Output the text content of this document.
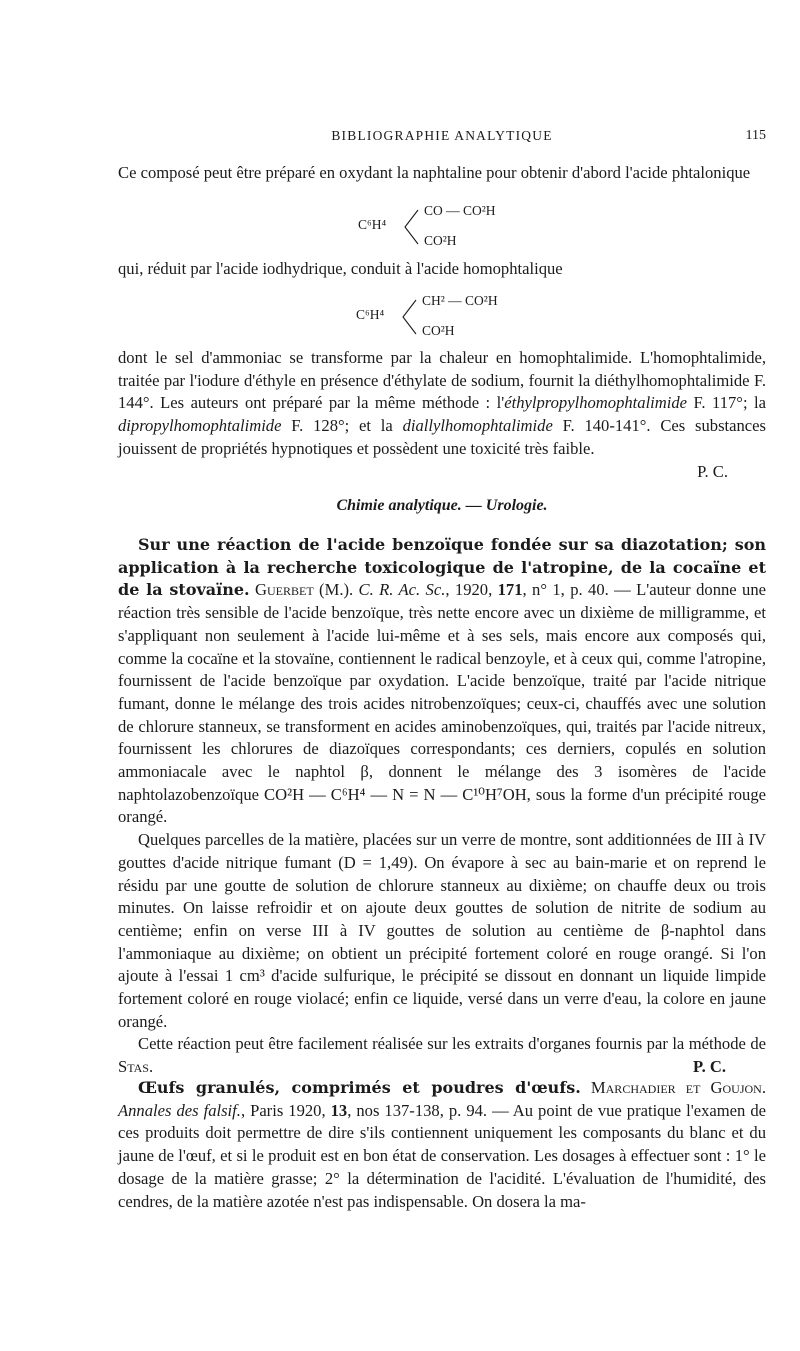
BIBLIOGRAPHIE ANALYTIQUE	115

Ce composé peut être préparé en oxydant la naphtaline pour obtenir d'abord l'acide phtalonique

C⁶H⁴
CO — CO²H
CO²H

qui, réduit par l'acide iodhydrique, conduit à l'acide homophtalique

C⁶H⁴
CH² — CO²H
CO²H

dont le sel d'ammoniac se transforme par la chaleur en homophtalimide. L'homophtalimide, traitée par l'iodure d'éthyle en présence d'éthylate de sodium, fournit la diéthylhomophtalimide F. 144°. Les auteurs ont préparé par la même méthode : l'éthylpropylhomophtalimide F. 117°; la dipropylhomophtalimide F. 128°; et la diallylhomophtalimide F. 140-141°. Ces substances jouissent de propriétés hypnotiques et possèdent une toxicité très faible.

P. C.

Chimie analytique. — Urologie.

Sur une réaction de l'acide benzoïque fondée sur sa diazotation; son application à la recherche toxicologique de l'atropine, de la cocaïne et de la stovaïne. Guerbet (M.). C. R. Ac. Sc., 1920, 171, n° 1, p. 40. — L'auteur donne une réaction très sensible de l'acide benzoïque, très nette encore avec un dixième de milligramme, et s'appliquant non seulement à l'acide lui-même et à ses sels, mais encore aux composés qui, comme la cocaïne et la stovaïne, contiennent le radical benzoyle, et à ceux qui, comme l'atropine, fournissent de l'acide benzoïque par oxydation. L'acide benzoïque, traité par l'acide nitrique fumant, donne le mélange des trois acides nitrobenzoïques; ceux-ci, chauffés avec une solution de chlorure stanneux, se transforment en acides aminobenzoïques, qui, traités par l'acide nitreux, fournissent les chlorures de diazoïques correspondants; ces derniers, copulés en solution ammoniacale avec le naphtol β, donnent le mélange des 3 isomères de l'acide naphtolazobenzoïque CO²H — C⁶H⁴ — N = N — C¹⁰H⁷OH, sous la forme d'un précipité rouge orangé.

Quelques parcelles de la matière, placées sur un verre de montre, sont additionnées de III à IV gouttes d'acide nitrique fumant (D = 1,49). On évapore à sec au bain-marie et on reprend le résidu par une goutte de solution de chlorure stanneux au dixième; on chauffe deux ou trois minutes. On laisse refroidir et on ajoute deux gouttes de solution de nitrite de sodium au centième; enfin on verse III à IV gouttes de solution au centième de β-naphtol dans l'ammoniaque au dixième; on obtient un précipité fortement coloré en rouge orangé. Si l'on ajoute à l'essai 1 cm³ d'acide sulfurique, le précipité se dissout en donnant un liquide limpide fortement coloré en rouge violacé; enfin ce liquide, versé dans un verre d'eau, la colore en jaune orangé.

Cette réaction peut être facilement réalisée sur les extraits d'organes fournis par la méthode de Stas.	P. C.

Œufs granulés, comprimés et poudres d'œufs. Marchadier et Goujon. Annales des falsif., Paris 1920, 13, nos 137-138, p. 94. — Au point de vue pratique l'examen de ces produits doit permettre de dire s'ils contiennent uniquement les composants du blanc et du jaune de l'œuf, et si le produit est en bon état de conservation. Les dosages à effectuer sont : 1° le dosage de la matière grasse; 2° la détermination de l'acidité. L'évaluation de l'humidité, des cendres, de la matière azotée n'est pas indispensable. On dosera la ma-
